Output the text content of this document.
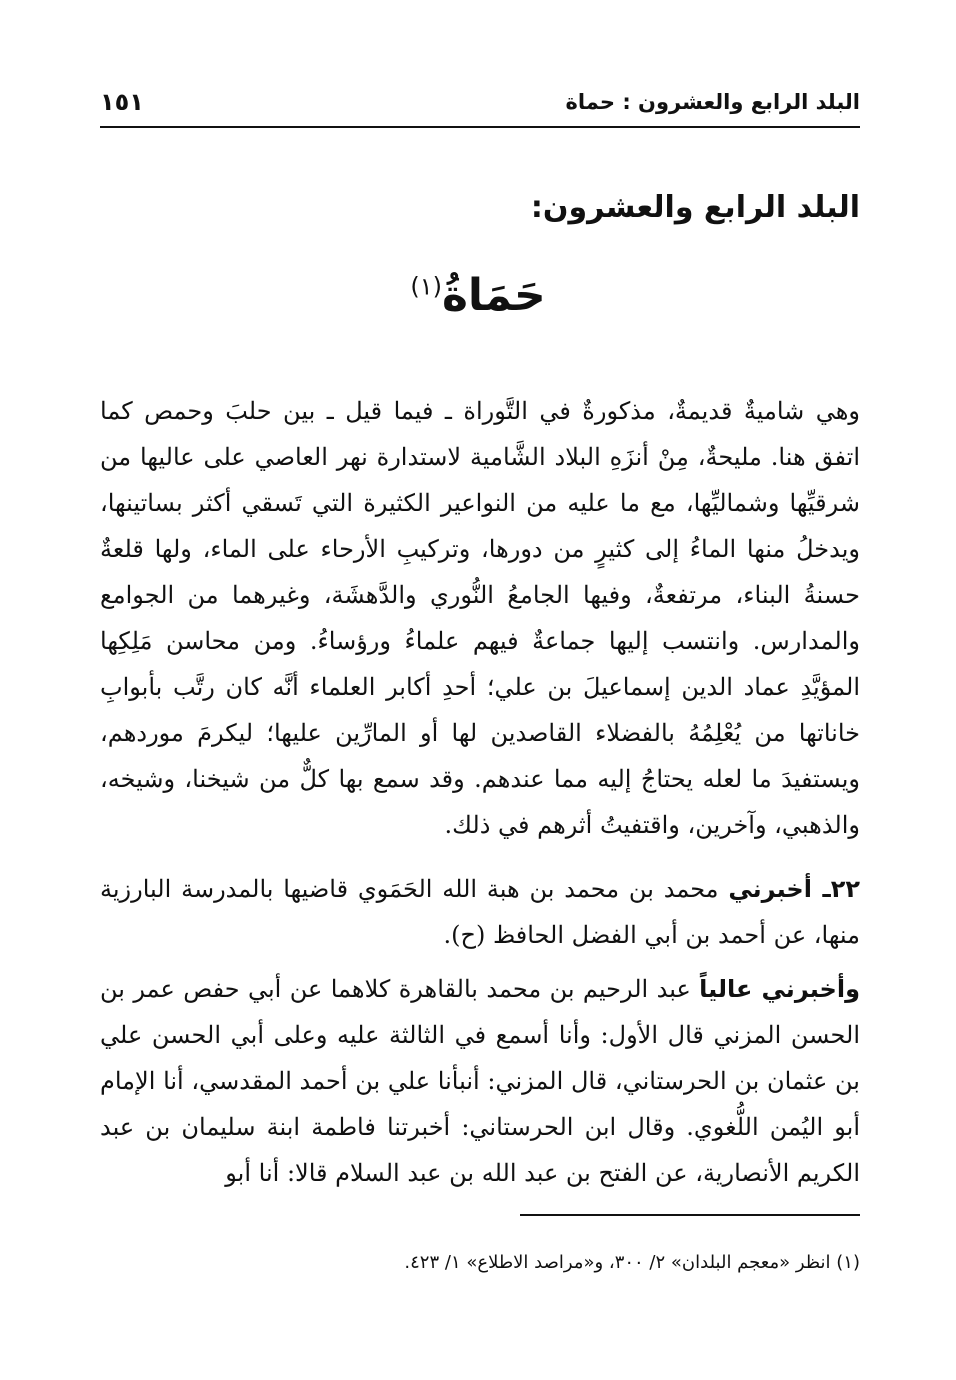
البلد الرابع والعشرون : حماة
١٥١
البلد الرابع والعشرون:
حَمَاةُ$^{(١)}$

وهي شاميةٌ قديمةٌ، مذكورةٌ في التَّوراة ـ فيما قيل ـ بين حلبَ وحمص كما اتفق هنا. مليحةٌ، مِنْ أنزَهِ البلاد الشَّامية لاستدارة نهر العاصي على عاليها من شرقيِّها وشماليِّها، مع ما عليه من النواعير الكثيرة التي تَسقي أكثر بساتينها، ويدخلُ منها الماءُ إلى كثيرٍ من دورها، وتركيبِ الأرحاء على الماء، ولها قلعةٌ حسنةُ البناء، مرتفعةٌ، وفيها الجامعُ النُّوري والدَّهشَة، وغيرهما من الجوامع والمدارس. وانتسب إليها جماعةٌ فيهم علماءُ ورؤساءُ. ومن محاسن مَلِكِها المؤيَّدِ عماد الدين إسماعيلَ بن علي؛ أحدِ أكابر العلماء أنَّه كان رتَّب بأبوابِ خاناتها من يُعْلِمُهُ بالفضلاء القاصدين لها أو المارِّين عليها؛ ليكرمَ موردهم، ويستفيدَ ما لعله يحتاجُ إليه مما عندهم. وقد سمع بها كلٌّ من شيخنا، وشيخه، والذهبي، وآخرين، واقتفيتُ أثرهم في ذلك.

٢٢ـ أخبرني محمد بن محمد بن هبة الله الحَمَوي قاضيها بالمدرسة البارزية منها، عن أحمد بن أبي الفضل الحافظ (ح).

وأخبرني عالياً عبد الرحيم بن محمد بالقاهرة كلاهما عن أبي حفص عمر بن الحسن المزني قال الأول: وأنا أسمع في الثالثة عليه وعلى أبي الحسن علي بن عثمان بن الحرستاني، قال المزني: أنبأنا علي بن أحمد المقدسي، أنا الإمام أبو اليُمن اللُّغوي. وقال ابن الحرستاني: أخبرتنا فاطمة ابنة سليمان بن عبد الكريم الأنصارية، عن الفتح بن عبد الله بن عبد السلام قالا: أنا أبو

(١) انظر «معجم البلدان» ٢/ ٣٠٠، و«مراصد الاطلاع» ١/ ٤٢٣.
